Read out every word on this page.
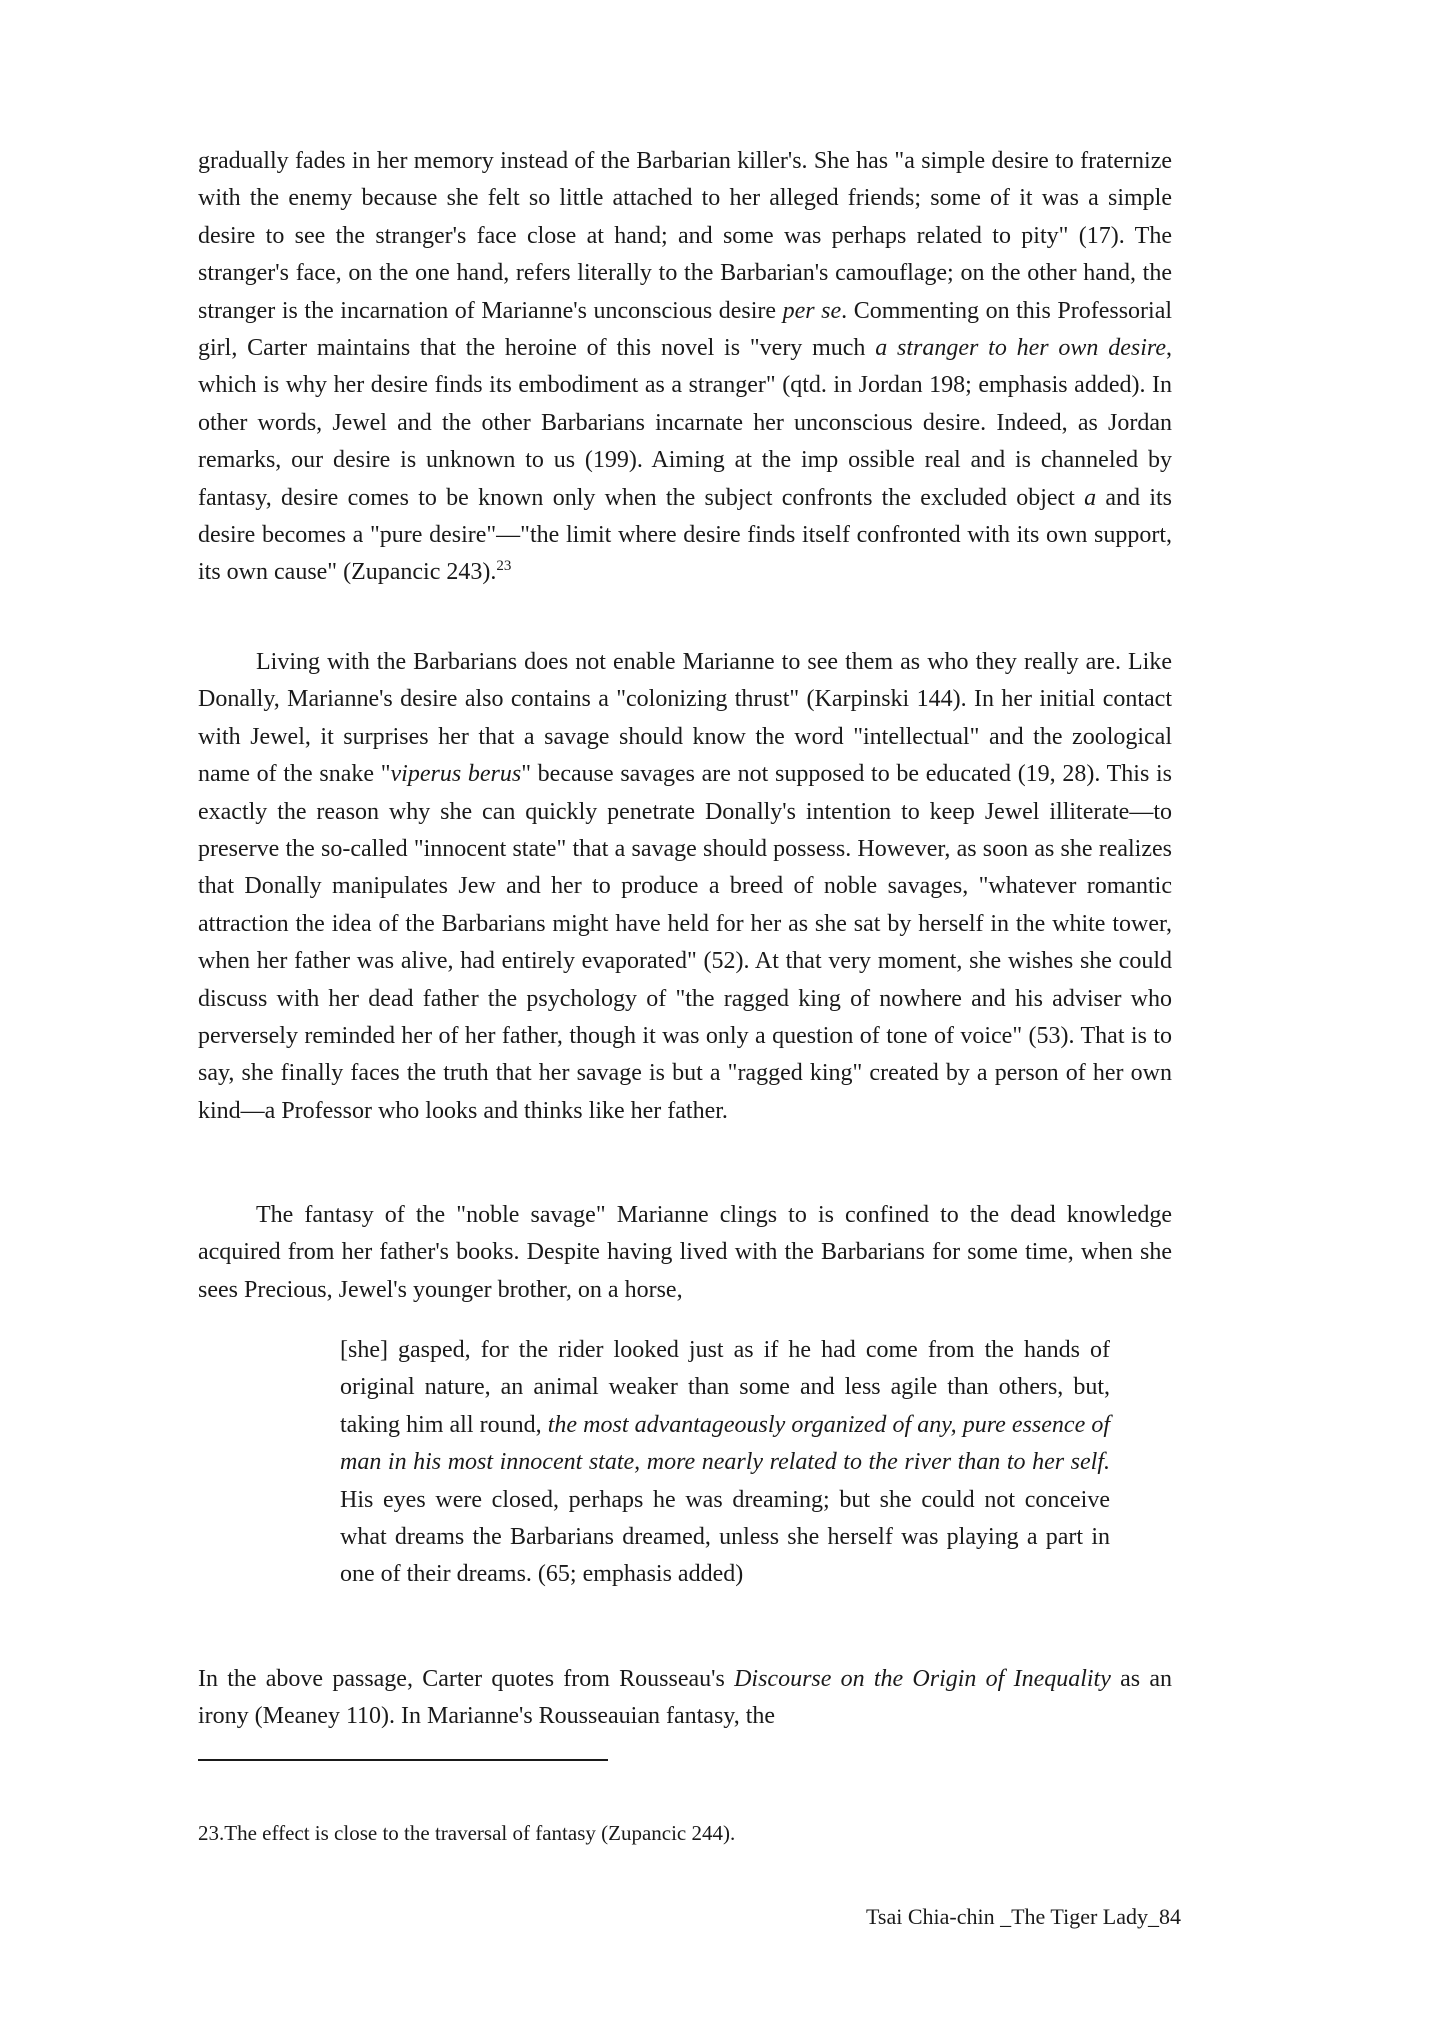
gradually fades in her memory instead of the Barbarian killer's. She has "a simple desire to fraternize with the enemy because she felt so little attached to her alleged friends; some of it was a simple desire to see the stranger's face close at hand; and some was perhaps related to pity" (17). The stranger's face, on the one hand, refers literally to the Barbarian's camouflage; on the other hand, the stranger is the incarnation of Marianne's unconscious desire per se. Commenting on this Professorial girl, Carter maintains that the heroine of this novel is "very much a stranger to her own desire, which is why her desire finds its embodiment as a stranger" (qtd. in Jordan 198; emphasis added). In other words, Jewel and the other Barbarians incarnate her unconscious desire. Indeed, as Jordan remarks, our desire is unknown to us (199). Aiming at the imp ossible real and is channeled by fantasy, desire comes to be known only when the subject confronts the excluded object a and its desire becomes a "pure desire"—"the limit where desire finds itself confronted with its own support, its own cause" (Zupancic 243).$^{23}$

Living with the Barbarians does not enable Marianne to see them as who they really are. Like Donally, Marianne's desire also contains a "colonizing thrust" (Karpinski 144). In her initial contact with Jewel, it surprises her that a savage should know the word "intellectual" and the zoological name of the snake "viperus berus" because savages are not supposed to be educated (19, 28). This is exactly the reason why she can quickly penetrate Donally's intention to keep Jewel illiterate—to preserve the so-called "innocent state" that a savage should possess. However, as soon as she realizes that Donally manipulates Jew and her to produce a breed of noble savages, "whatever romantic attraction the idea of the Barbarians might have held for her as she sat by herself in the white tower, when her father was alive, had entirely evaporated" (52). At that very moment, she wishes she could discuss with her dead father the psychology of "the ragged king of nowhere and his adviser who perversely reminded her of her father, though it was only a question of tone of voice" (53). That is to say, she finally faces the truth that her savage is but a "ragged king" created by a person of her own kind—a Professor who looks and thinks like her father.

The fantasy of the "noble savage" Marianne clings to is confined to the dead knowledge acquired from her father's books. Despite having lived with the Barbarians for some time, when she sees Precious, Jewel's younger brother, on a horse,

[she] gasped, for the rider looked just as if he had come from the hands of original nature, an animal weaker than some and less agile than others, but, taking him all round, the most advantageously organized of any, pure essence of man in his most innocent state, more nearly related to the river than to her self. His eyes were closed, perhaps he was dreaming; but she could not conceive what dreams the Barbarians dreamed, unless she herself was playing a part in one of their dreams. (65; emphasis added)

In the above passage, Carter quotes from Rousseau's Discourse on the Origin of Inequality as an irony (Meaney 110). In Marianne's Rousseauian fantasy, the

23.The effect is close to the traversal of fantasy (Zupancic 244).

Tsai Chia-chin _The Tiger Lady_84
